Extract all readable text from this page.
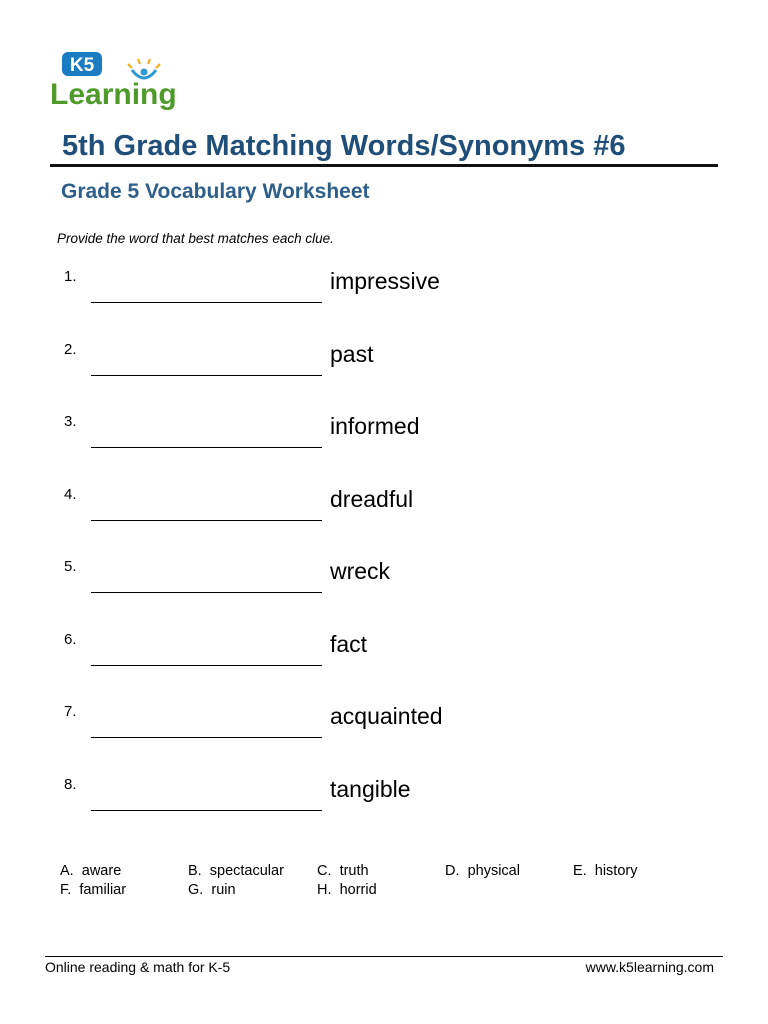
K5
Learning
5th Grade Matching Words/Synonyms #6
Grade 5 Vocabulary Worksheet

Provide the word that best matches each clue.

1.	impressive
2.	past
3.	informed
4.	dreadful
5.	wreck
6.	fact
7.	acquainted
8.	tangible
A. aware	B. spectacular C. truth	D. physical	E. history
F. familiar	G. ruin	H. horrid
Online reading & math for K-5	www.k5learning.com
